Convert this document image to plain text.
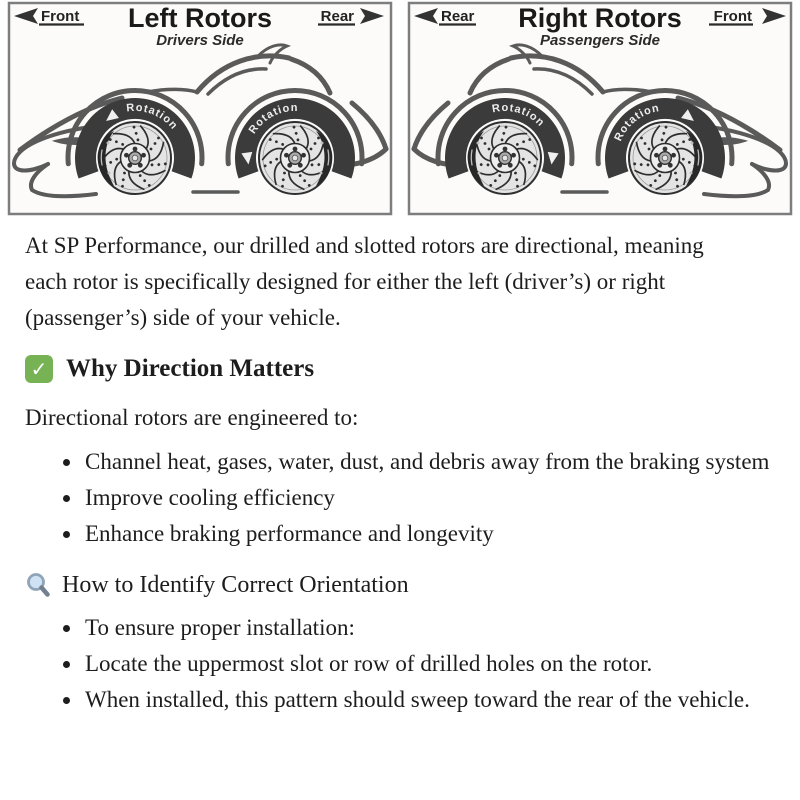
Front Left Rotors
Drivers Side
Rear
Rotation	Rotation
Rear Right Rotors
Passengers Side
Front
Rotation
Rotation

At SP Performance, our drilled and slotted rotors are directional, meaning each rotor is specifically designed for either the left (driver’s) or right (passenger’s) side of your vehicle.

✓ Why Direction Matters

Directional rotors are engineered to:

• Channel heat, gases, water, dust, and debris away from the braking system
• Improve cooling efficiency
• Enhance braking performance and longevity
How to Identify Correct Orientation
• To ensure proper installation:
• Locate the uppermost slot or row of drilled holes on the rotor.
• When installed, this pattern should sweep toward the rear of the vehicle.
